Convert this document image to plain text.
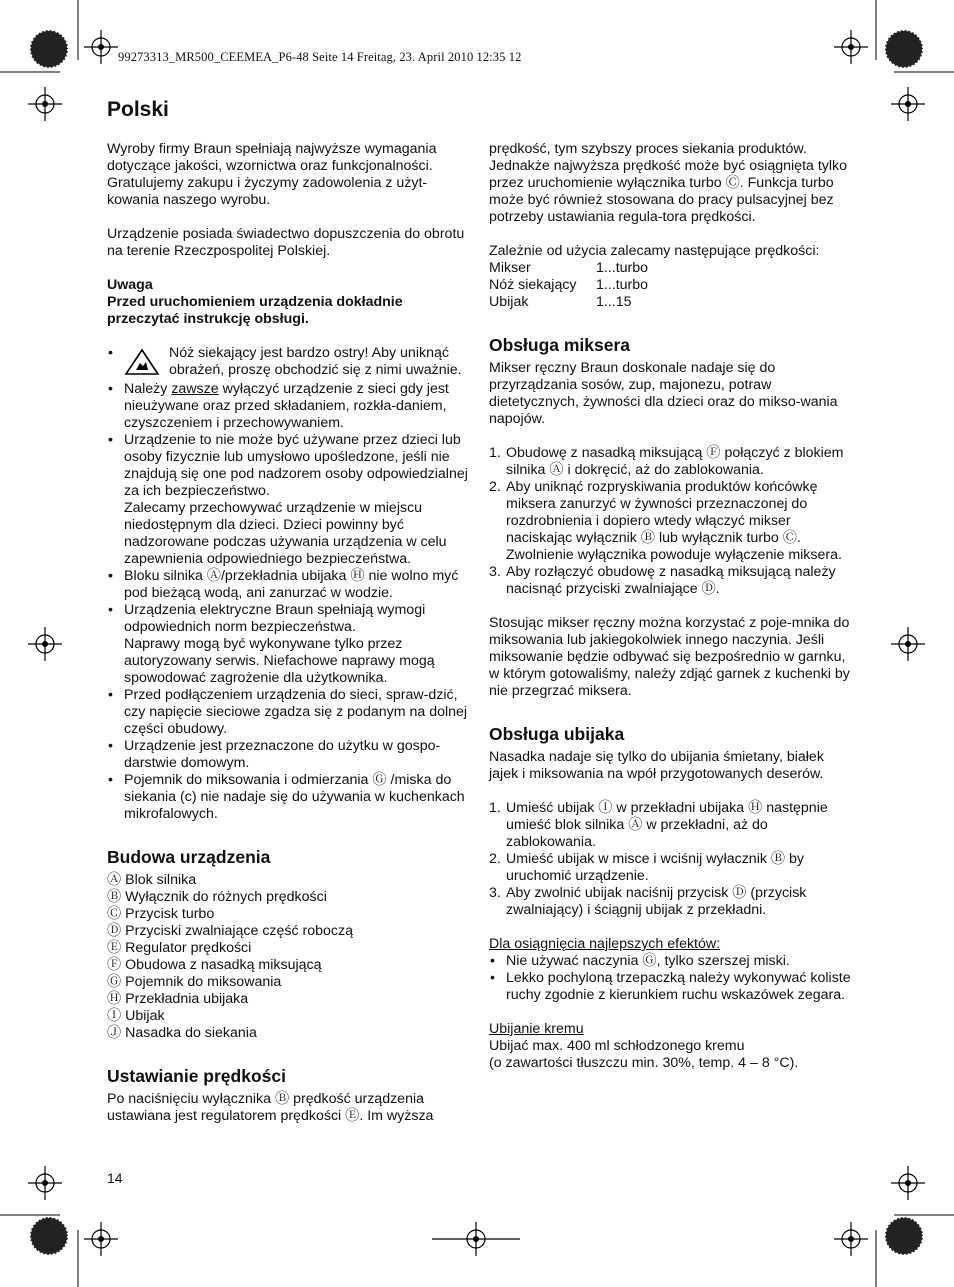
99273313_MR500_CEEMEA_P6-48 Seite 14 Freitag, 23. April 2010 12:35 12
Polski

Wyroby firmy Braun spełniają najwyższe wymagania dotyczące jakości, wzornictwa oraz funkcjonalności. Gratulujemy zakupu i życzymy zadowolenia z użyt-kowania naszego wyrobu.

Urządzenie posiada świadectwo dopuszczenia do obrotu na terenie Rzeczpospolitej Polskiej.

Uwaga

Przed uruchomieniem urządzenia dokładnie przeczytać instrukcję obsługi.

• Nóż siekający jest bardzo ostry! Aby uniknąć obrażeń, proszę obchodzić się z nimi uważnie.
• Należy zawsze wyłączyć urządzenie z sieci gdy jest nieużywane oraz przed składaniem, rozkła-daniem, czyszczeniem i przechowywaniem.
• Urządzenie to nie może być używane przez dzieci lub osoby fizycznie lub umysłowo upośledzone, jeśli nie znajdują się one pod nadzorem osoby odpowiedzialnej za ich bezpieczeństwo.
Zalecamy przechowywać urządzenie w miejscu niedostępnym dla dzieci. Dzieci powinny być nadzorowane podczas używania urządzenia w celu zapewnienia odpowiedniego bezpieczeństwa.
• Bloku silnika Ⓐ/przekładnia ubijaka Ⓗ nie wolno myć pod bieżącą wodą, ani zanurzać w wodzie.
• Urządzenia elektryczne Braun spełniają wymogi odpowiednich norm bezpieczeństwa.
Naprawy mogą być wykonywane tylko przez autoryzowany serwis. Niefachowe naprawy mogą spowodować zagrożenie dla użytkownika.
• Przed podłączeniem urządzenia do sieci, spraw-dzić, czy napięcie sieciowe zgadza się z podanym na dolnej części obudowy.
• Urządzenie jest przeznaczone do użytku w gospo-darstwie domowym.
• Pojemnik do miksowania i odmierzania Ⓖ /miska do siekania (c) nie nadaje się do używania w kuchenkach mikrofalowych.
Budowa urządzenia
Ⓐ Blok silnika
Ⓑ Wyłącznik do różnych prędkości
Ⓒ Przycisk turbo
Ⓓ Przyciski zwalniające część roboczą
Ⓔ Regulator prędkości
Ⓕ Obudowa z nasadką miksującą
Ⓖ Pojemnik do miksowania
Ⓗ Przekładnia ubijaka
Ⓘ Ubijak
Ⓙ Nasadka do siekania
Ustawianie prędkości

Po naciśnięciu wyłącznika Ⓑ prędkość urządzenia ustawiana jest regulatorem prędkości Ⓔ. Im wyższa

prędkość, tym szybszy proces siekania produktów. Jednakże najwyższa prędkość może być osiągnięta tylko przez uruchomienie wyłącznika turbo Ⓒ. Funkcja turbo może być również stosowana do pracy pulsacyjnej bez potrzeby ustawiania regula-tora prędkości.

Zależnie od użycia zalecamy następujące prędkości:

Mikser	1...turbo
Nóż siekający	1...turbo
Ubijak	1...15
Obsługa miksera

Mikser ręczny Braun doskonale nadaje się do przyrządzania sosów, zup, majonezu, potraw dietetycznych, żywności dla dzieci oraz do mikso-wania napojów.

1. Obudowę z nasadką miksującą Ⓕ połączyć z blokiem silnika Ⓐ i dokręcić, aż do zablokowania.
2. Aby uniknąć rozpryskiwania produktów końcówkę miksera zanurzyć w żywności przeznaczonej do rozdrobnienia i dopiero wtedy włączyć mikser naciskając wyłącznik Ⓑ lub wyłącznik turbo Ⓒ. Zwolnienie wyłącznika powoduje wyłączenie miksera.
3. Aby rozłączyć obudowę z nasadką miksującą należy nacisnąć przyciski zwalniające Ⓓ.

Stosując mikser ręczny można korzystać z poje-mnika do miksowania lub jakiegokolwiek innego naczynia. Jeśli miksowanie będzie odbywać się bezpośrednio w garnku, w którym gotowaliśmy, należy zdjąć garnek z kuchenki by nie przegrzać miksera.

Obsługa ubijaka

Nasadka nadaje się tylko do ubijania śmietany, białek jajek i miksowania na wpół przygotowanych deserów.

1. Umieść ubijak Ⓘ w przekładni ubijaka Ⓗ następnie umieść blok silnika Ⓐ w przekładni, aż do zablokowania.
2. Umieść ubijak w misce i wciśnij wyłacznik Ⓑ by uruchomić urządzenie.
3. Aby zwolnić ubijak naciśnij przycisk Ⓓ (przycisk zwalniający) i ściągnij ubijak z przekładni.

Dla osiągnięcia najlepszych efektów:

• Nie używać naczynia Ⓖ, tylko szerszej miski.
• Lekko pochyloną trzepaczką należy wykonywać koliste ruchy zgodnie z kierunkiem ruchu wskazówek zegara.

Ubijanie kremu

Ubijać max. 400 ml schłodzonego kremu

(o zawartości tłuszczu min. 30%, temp. 4 – 8 °C).

14
